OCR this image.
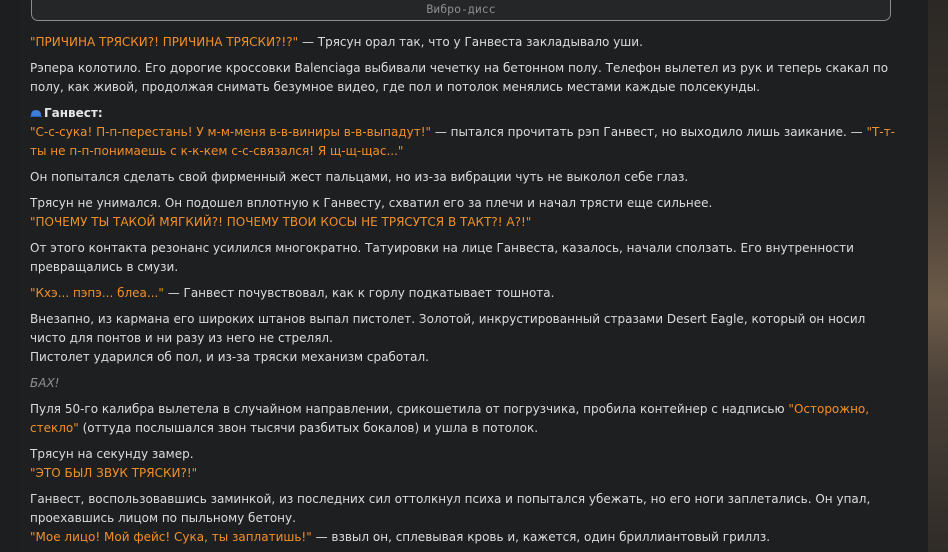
Вибро-дисс

"ПРИЧИНА ТРЯСКИ?! ПРИЧИНА ТРЯСКИ?!?" — Трясун орал так, что у Ганвеста закладывало уши.

Рэпера колотило. Его дорогие кроссовки Balenciaga выбивали чечетку на бетонном полу. Телефон вылетел из рук и теперь скакал по полу, как живой, продолжая снимать безумное видео, где пол и потолок менялись местами каждые полсекунды.

Ганвест:
"С-с-сука! П-п-перестань! У м-м-меня в-в-виниры в-в-выпадут!" — пытался прочитать рэп Ганвест, но выходило лишь заикание. — "Т-т-ты не п-п-понимаешь с к-к-кем с-с-связался! Я щ-щ-щас..."

Он попытался сделать свой фирменный жест пальцами, но из-за вибрации чуть не выколол себе глаз.

Трясун не унимался. Он подошел вплотную к Ганвесту, схватил его за плечи и начал трясти еще сильнее.
"ПОЧЕМУ ТЫ ТАКОЙ МЯГКИЙ?! ПОЧЕМУ ТВОИ КОСЫ НЕ ТРЯСУТСЯ В ТАКТ?! А?!"

От этого контакта резонанс усилился многократно. Татуировки на лице Ганвеста, казалось, начали сползать. Его внутренности превращались в смузи.

"Кхэ... пэпэ... блеа..." — Ганвест почувствовал, как к горлу подкатывает тошнота.

Внезапно, из кармана его широких штанов выпал пистолет. Золотой, инкрустированный стразами Desert Eagle, который он носил чисто для понтов и ни разу из него не стрелял.
Пистолет ударился об пол, и из-за тряски механизм сработал.

БАХ!

Пуля 50-го калибра вылетела в случайном направлении, срикошетила от погрузчика, пробила контейнер с надписью "Осторожно, стекло" (оттуда послышался звон тысячи разбитых бокалов) и ушла в потолок.

Трясун на секунду замер.
"ЭТО БЫЛ ЗВУК ТРЯСКИ?!"

Ганвест, воспользовавшись заминкой, из последних сил оттолкнул психа и попытался убежать, но его ноги заплетались. Он упал, проехавшись лицом по пыльному бетону.
"Мое лицо! Мой фейс! Сука, ты заплатишь!" — взвыл он, сплевывая кровь и, кажется, один бриллиантовый гриллз.
